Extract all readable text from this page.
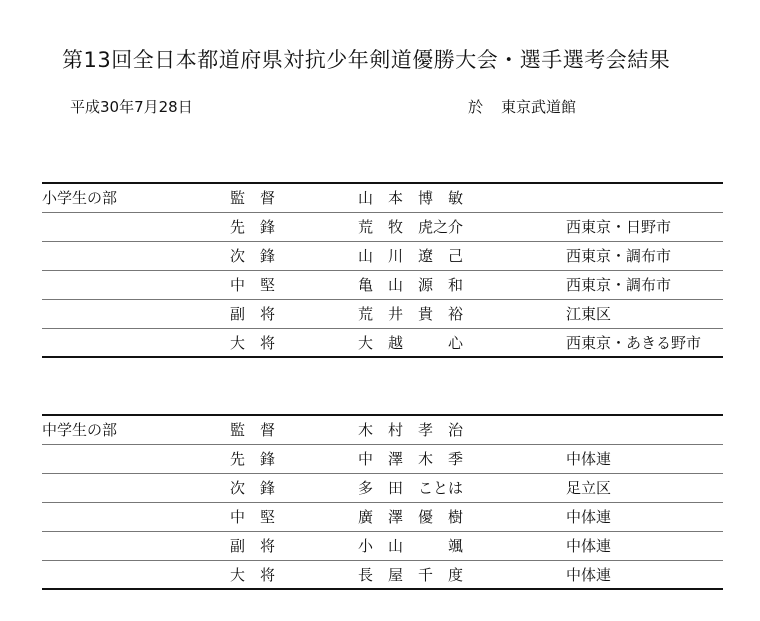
第13回全日本都道府県対抗少年剣道優勝大会・選手選考会結果
平成30年7月28日	於 東京武道館
小学生の部	監　督	山　本　博　敏	
	先　鋒	荒　牧　虎之介	西東京・日野市
	次　鋒	山　川　遼　己	西東京・調布市
	中　堅	亀　山　源　和	西東京・調布市
	副　将	荒　井　貴　裕	江東区
	大　将	大　越　　　心	西東京・あきる野市
中学生の部	監　督	木　村　孝　治	
	先　鋒	中　澤　木　季	中体連
	次　鋒	多　田　ことは	足立区
	中　堅	廣　澤　優　樹	中体連
	副　将	小　山　　　颯	中体連
	大　将	長　屋　千　度	中体連
